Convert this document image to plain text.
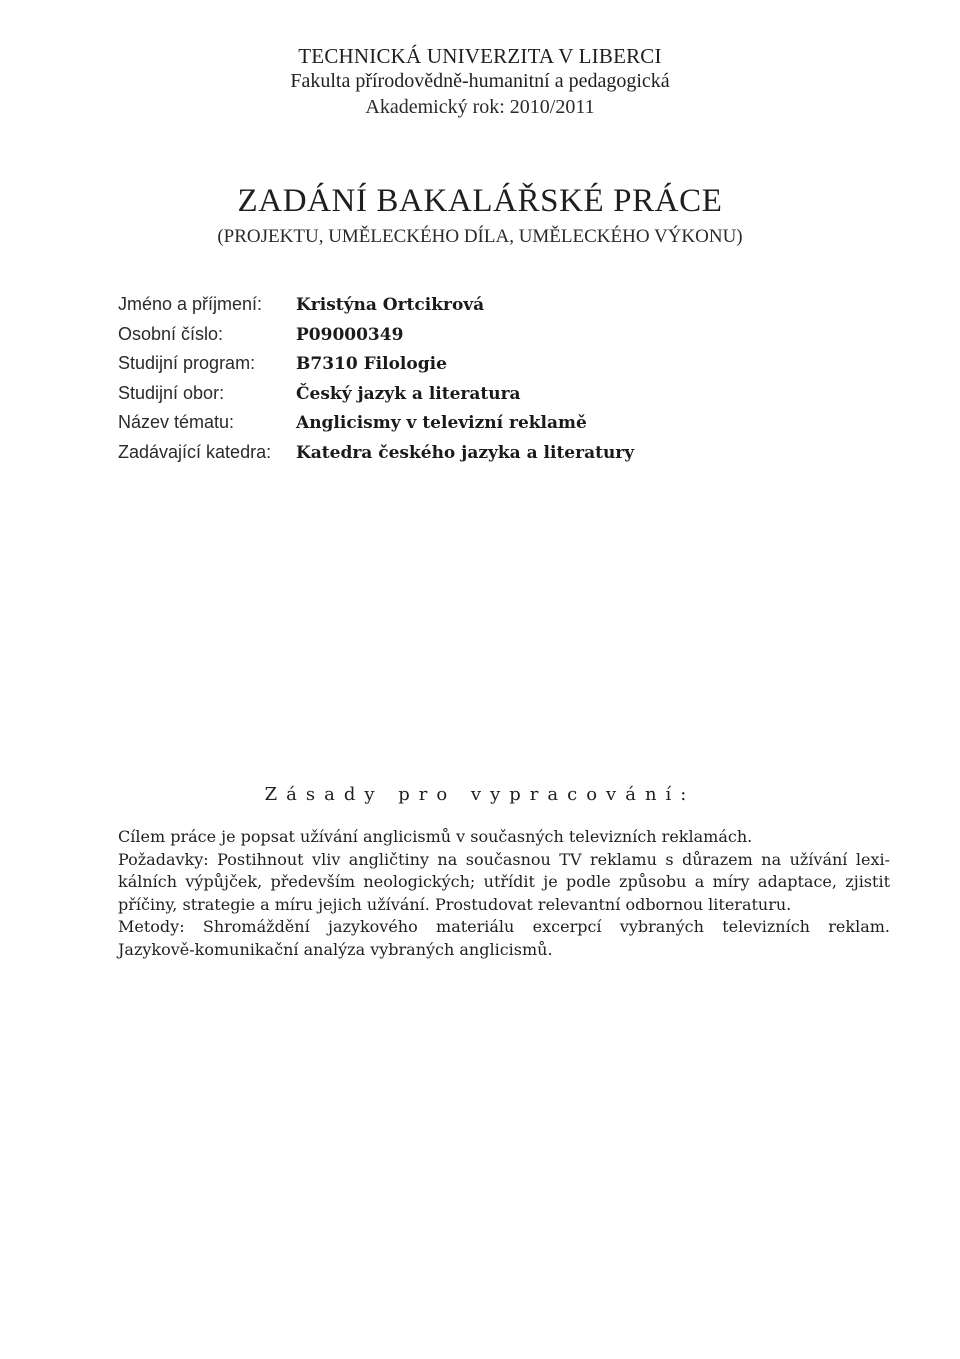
TECHNICKÁ UNIVERZITA V LIBERCI
Fakulta přírodovědně-humanitní a pedagogická
Akademický rok: 2010/2011
ZADÁNÍ BAKALÁŘSKÉ PRÁCE
(PROJEKTU, UMĚLECKÉHO DÍLA, UMĚLECKÉHO VÝKONU)
Jméno a příjmení:	Kristýna Ortcikrová
Osobní číslo:	P09000349
Studijní program:	B7310 Filologie
Studijní obor:	Český jazyk a literatura
Název tématu:	Anglicismy v televizní reklamě
Zadávající katedra:	Katedra českého jazyka a literatury
Zásady pro vypracování:
Cílem práce je popsat užívání anglicismů v současných televizních reklamách.
Požadavky: Postihnout vliv angličtiny na současnou TV reklamu s důrazem na užívání lexi-
kálních výpůjček, především neologických; utřídit je podle způsobu a míry adaptace, zjistit
příčiny, strategie a míru jejich užívání. Prostudovat relevantní odbornou literaturu.
Metody: Shromáždění jazykového materiálu excerpcí vybraných televizních reklam.
Jazykově-komunikační analýza vybraných anglicismů.
